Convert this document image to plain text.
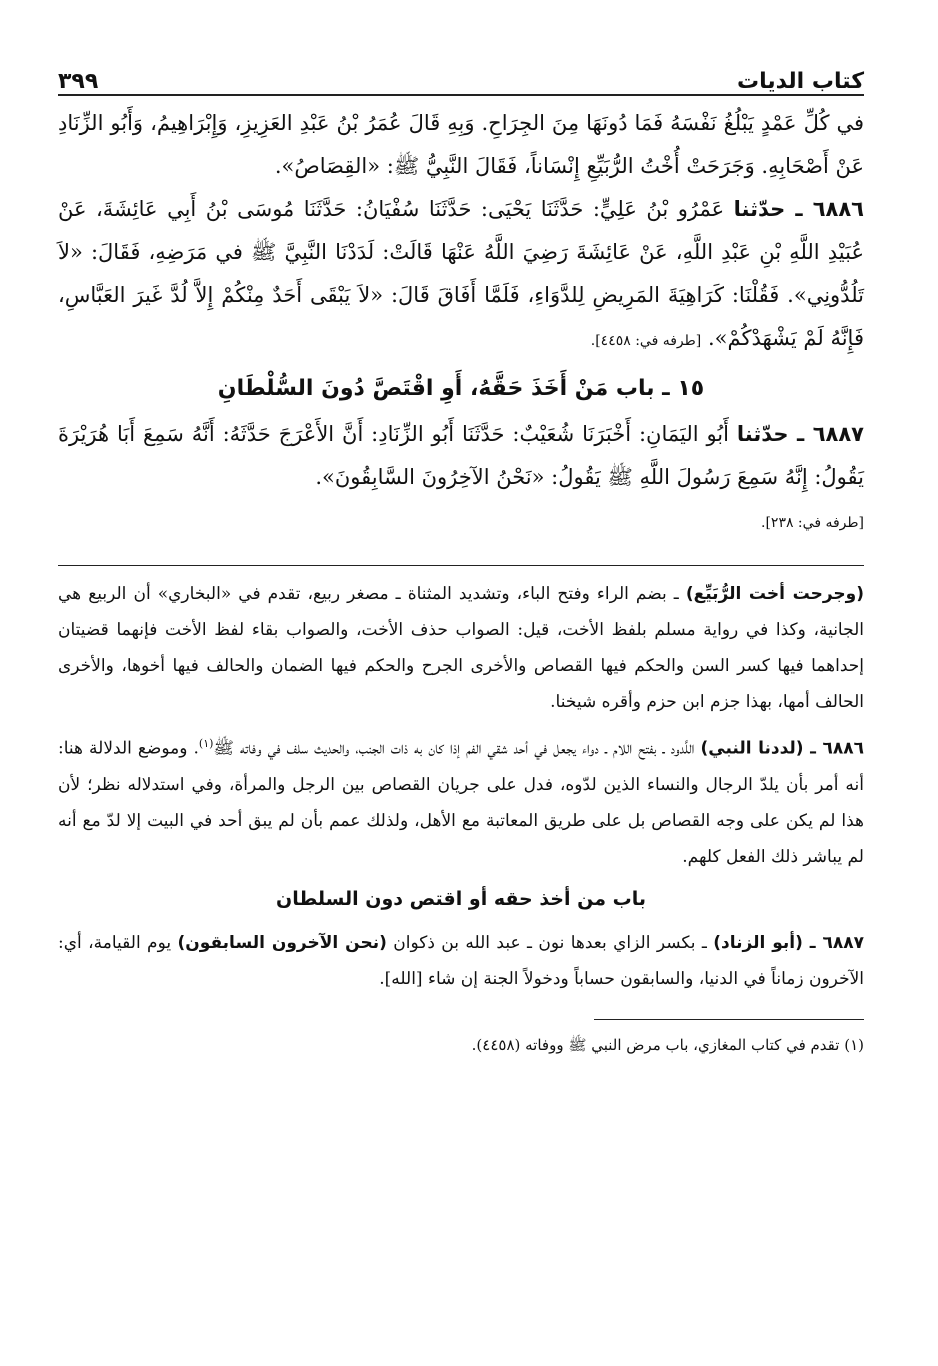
كتاب الديات
٣٩٩

في كُلِّ عَمْدٍ يَبْلُغُ نَفْسَهُ فَمَا دُونَهَا مِنَ الجِرَاحِ. وَبِهِ قَالَ عُمَرُ بْنُ عَبْدِ العَزِيزِ، وَإِبْرَاهِيمُ، وَأَبُو الزِّنَادِ عَنْ أَصْحَابِهِ. وَجَرَحَتْ أُخْتُ الرُّبَيِّعِ إِنْسَاناً، فَقَالَ النَّبِيُّ ﷺ: «القِصَاصُ».

٦٨٨٦ ـ حدّثنا عَمْرُو بْنُ عَلِيٍّ: حَدَّثَنَا يَحْيَى: حَدَّثَنَا سُفْيَانُ: حَدَّثَنَا مُوسَى بْنُ أَبِي عَائِشَةَ، عَنْ عُبَيْدِ اللَّهِ بْنِ عَبْدِ اللَّهِ، عَنْ عَائِشَةَ رَضِيَ اللَّهُ عَنْهَا قَالَتْ: لَدَدْنَا النَّبِيَّ ﷺ في مَرَضِهِ، فَقَالَ: «لاَ تَلُدُّونِي». فَقُلْنَا: كَرَاهِيَةَ المَرِيضِ لِلدَّوَاءِ، فَلَمَّا أَفَاقَ قَالَ: «لاَ يَبْقَى أَحَدٌ مِنْكُمْ إِلاَّ لُدَّ غَيرَ العَبَّاسِ، فَإِنَّهُ لَمْ يَشْهَدْكُمْ». [طرفه في: ٤٤٥٨].

١٥ ـ باب مَنْ أَخَذَ حَقَّهُ، أَوِ اقْتَصَّ دُونَ السُّلْطَانِ

٦٨٨٧ ـ حدّثنا أَبُو اليَمَانِ: أَخْبَرَنَا شُعَيْبٌ: حَدَّثَنَا أَبُو الزِّنَادِ: أَنَّ الأَعْرَجَ حَدَّثَهُ: أَنَّهُ سَمِعَ أَبَا هُرَيْرَةَ يَقُولُ: إِنَّهُ سَمِعَ رَسُولَ اللَّهِ ﷺ يَقُولُ: «نَحْنُ الآخِرُونَ السَّابِقُونَ».

[طرفه في: ٢٣٨].

(وجرحت أخت الرُّبَيِّع) ـ بضم الراء وفتح الباء، وتشديد المثناة ـ مصغر ربيع، تقدم في «البخاري» أن الربيع هي الجانية، وكذا في رواية مسلم بلفظ الأخت، قيل: الصواب حذف الأخت، والصواب بقاء لفظ الأخت فإنهما قضيتان إحداهما فيها كسر السن والحكم فيها القصاص والأخرى الجرح والحكم فيها الضمان والحالف فيها أخوها، والأخرى الحالف أمها، بهذا جزم ابن حزم وأقره شيخنا.

٦٨٨٦ ـ (لددنا النبي) اللَّدود ـ بفتح اللام ـ دواء يجعل في أحد شقي الفم إذا كان به ذات الجنب، والحديث سلف في وفاته ﷺ$^{(١)}$. وموضع الدلالة هنا: أنه أمر بأن يلدّ الرجال والنساء الذين لدّوه، فدل على جريان القصاص بين الرجل والمرأة، وفي استدلاله نظر؛ لأن هذا لم يكن على وجه القصاص بل على طريق المعاتبة مع الأهل، ولذلك عمم بأن لم يبق أحد في البيت إلا لدّ مع أنه لم يباشر ذلك الفعل كلهم.

باب من أخذ حقه أو اقتص دون السلطان

٦٨٨٧ ـ (أبو الزناد) ـ بكسر الزاي بعدها نون ـ عبد الله بن ذكوان (نحن الآخرون السابقون) يوم القيامة، أي: الآخرون زماناً في الدنيا، والسابقون حساباً ودخولاً الجنة إن شاء [الله].

(١) تقدم في كتاب المغازي، باب مرض النبي ﷺ ووفاته (٤٤٥٨).
